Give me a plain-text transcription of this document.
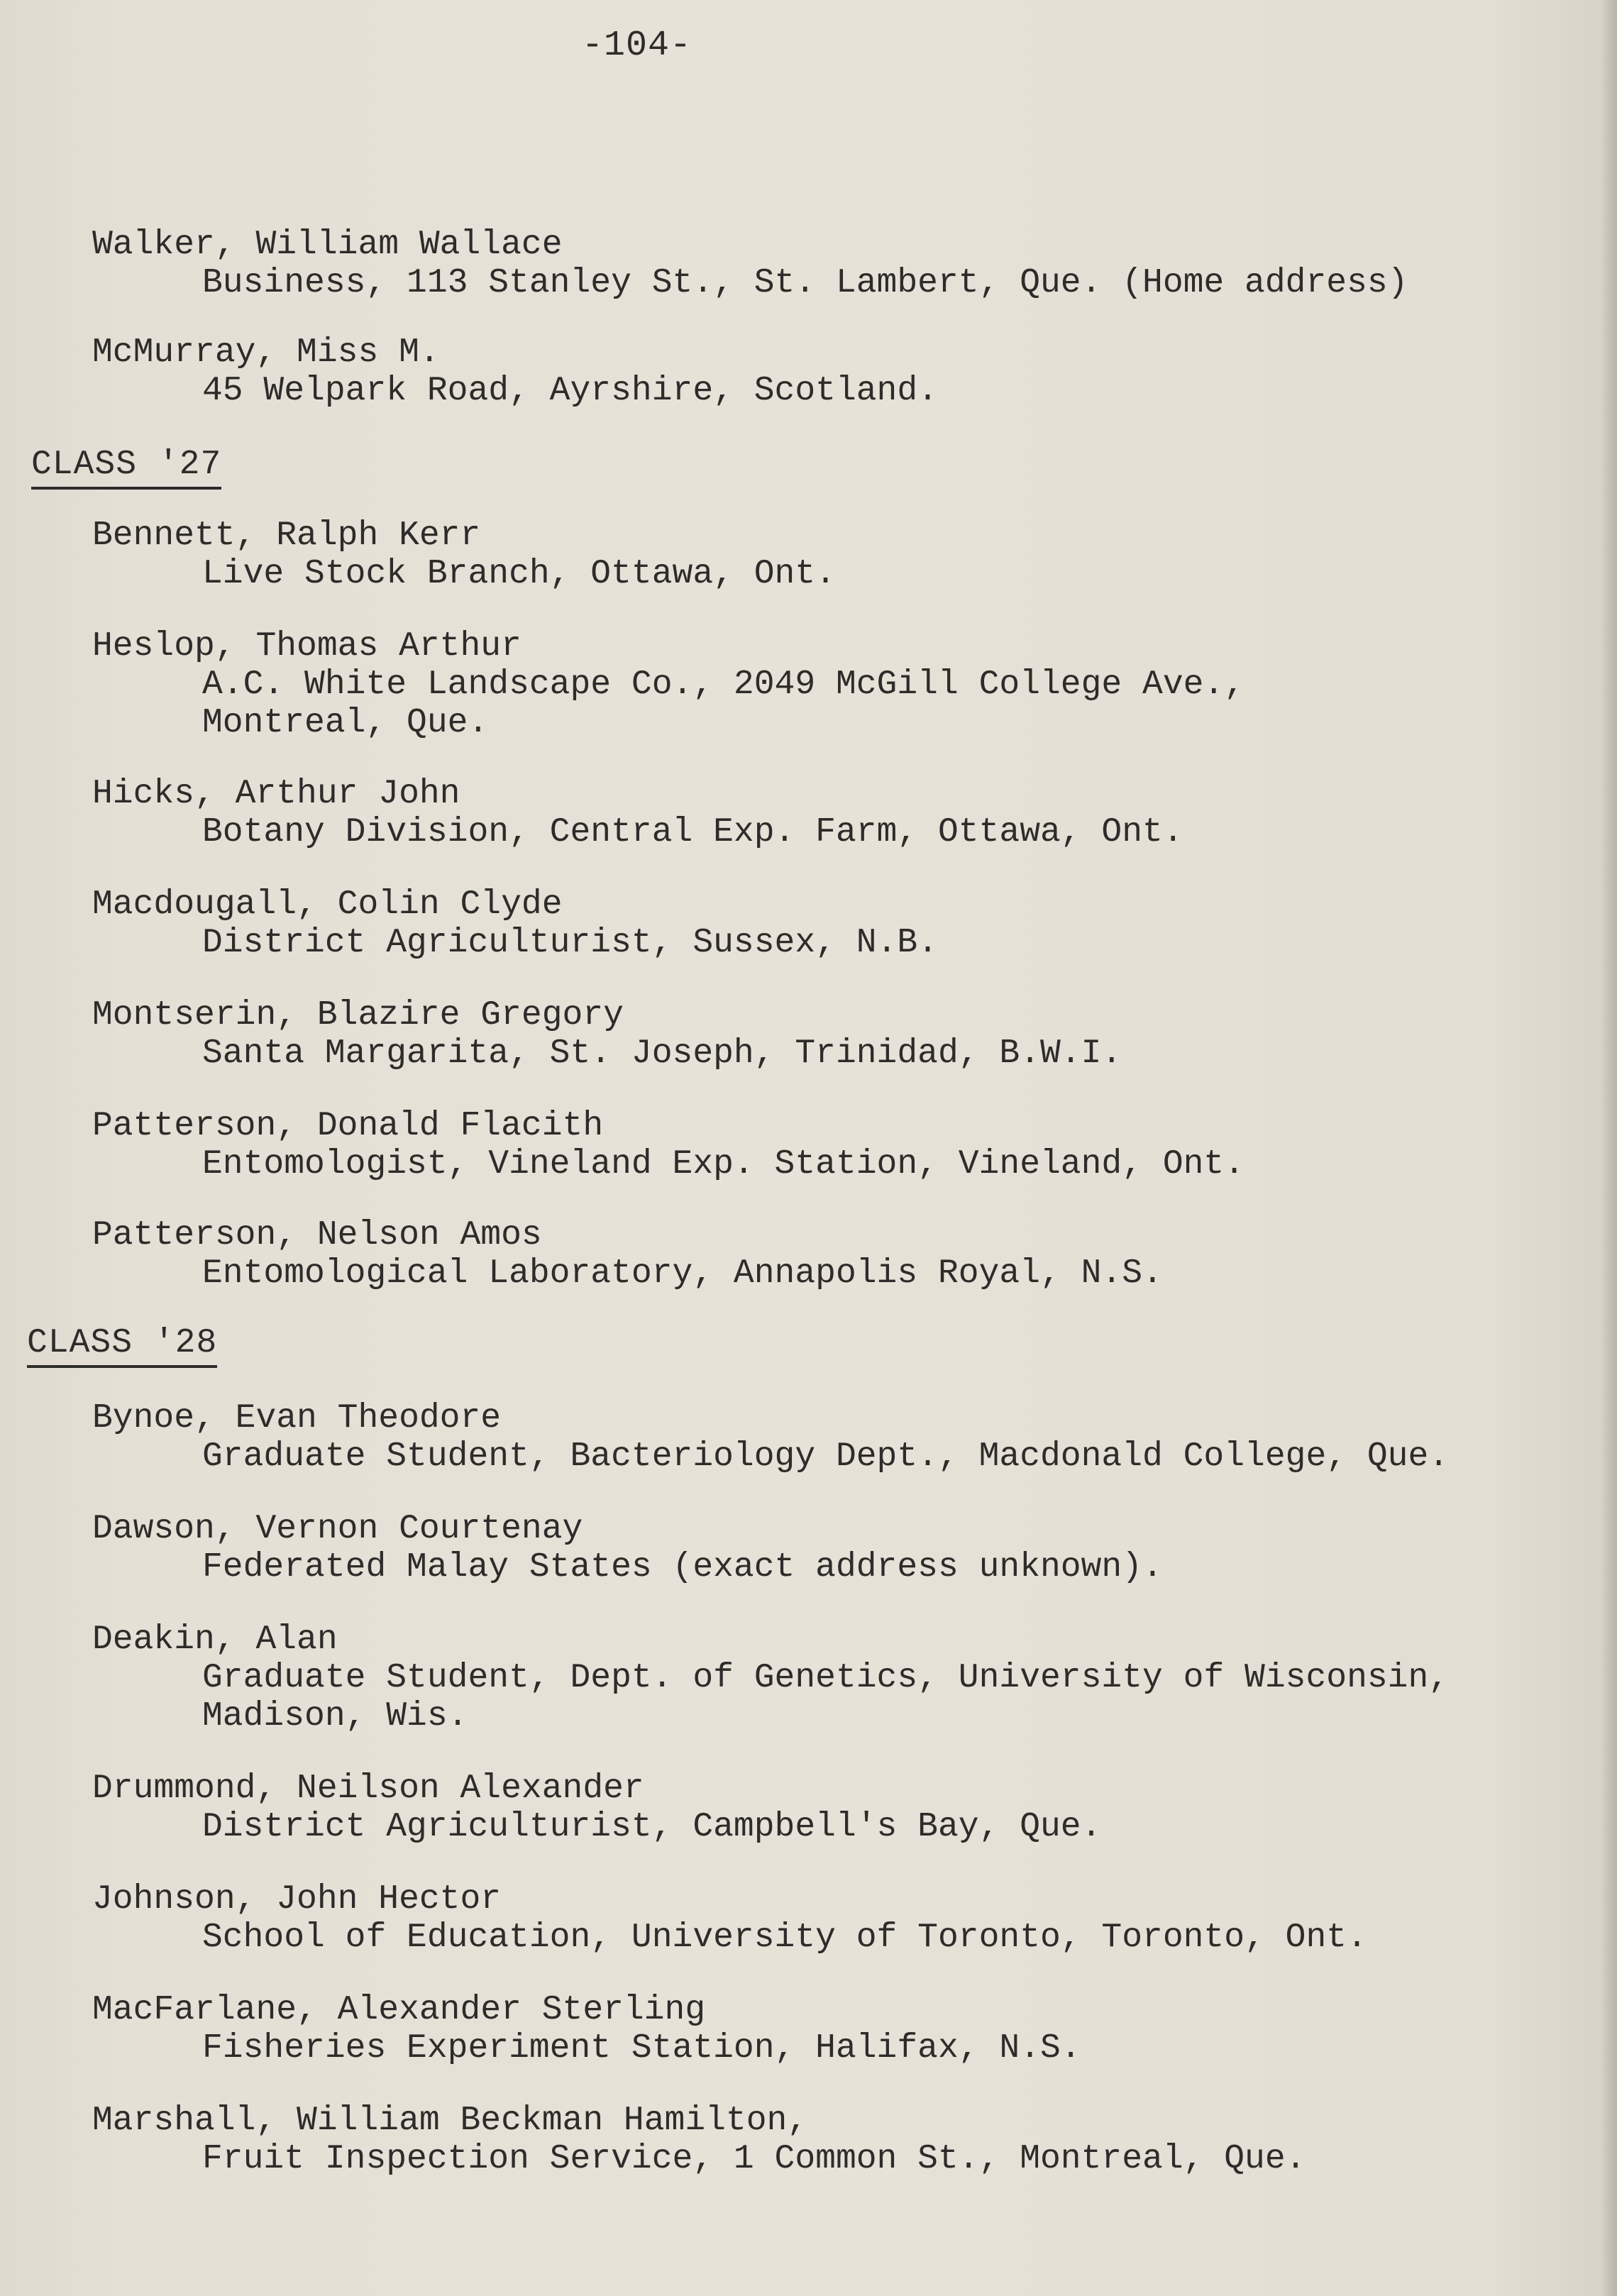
-104-
Walker, William Wallace
Business, 113 Stanley St., St. Lambert, Que. (Home address)
McMurray, Miss M.
45 Welpark Road, Ayrshire, Scotland.
CLASS '27
Bennett, Ralph Kerr
Live Stock Branch, Ottawa, Ont.
Heslop, Thomas Arthur
A.C. White Landscape Co., 2049 McGill College Ave.,
Montreal, Que.
Hicks, Arthur John
Botany Division, Central Exp. Farm, Ottawa, Ont.
Macdougall, Colin Clyde
District Agriculturist, Sussex, N.B.
Montserin, Blazire Gregory
Santa Margarita, St. Joseph, Trinidad, B.W.I.
Patterson, Donald Flacith
Entomologist, Vineland Exp. Station, Vineland, Ont.
Patterson, Nelson Amos
Entomological Laboratory, Annapolis Royal, N.S.
CLASS '28
Bynoe, Evan Theodore
Graduate Student, Bacteriology Dept., Macdonald College, Que.
Dawson, Vernon Courtenay
Federated Malay States (exact address unknown).
Deakin, Alan
Graduate Student, Dept. of Genetics, University of Wisconsin,
Madison, Wis.
Drummond, Neilson Alexander
District Agriculturist, Campbell's Bay, Que.
Johnson, John Hector
School of Education, University of Toronto, Toronto, Ont.
MacFarlane, Alexander Sterling
Fisheries Experiment Station, Halifax, N.S.
Marshall, William Beckman Hamilton,
Fruit Inspection Service, 1 Common St., Montreal, Que.
